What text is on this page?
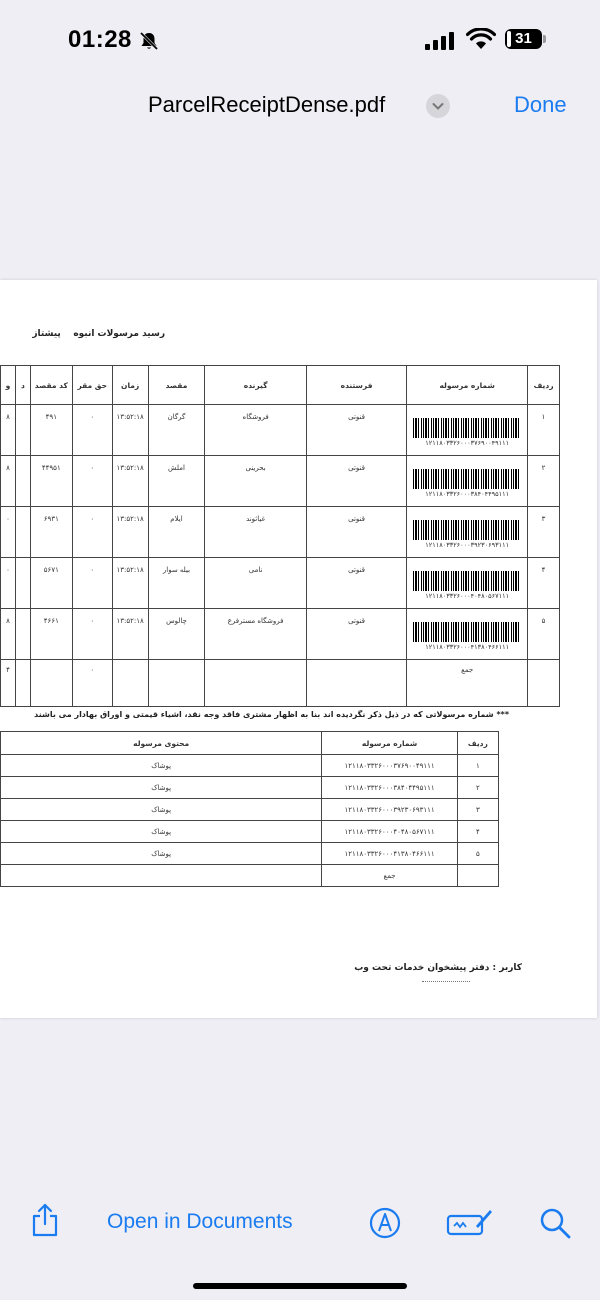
01:28	31
ParcelReceiptDense.pdf	Done
رسید مرسولات انبوه    پیشتاز
ردیف	شماره مرسوله	فرستنده	گیرنده	مقصد	زمان	حق مقر	کد مقصد	د	و
۱	۱۲۱۱۸۰۳۳۲۶۰۰۰۳۷۶۹۰۰۴۹۱۱۱	قنوتی	فروشگاه	گرگان	۱۳:۵۲:۱۸	۰	۴۹۱		۸
۲	۱۲۱۱۸۰۳۳۲۶۰۰۰۳۸۴۰۴۴۹۵۱۱۱	قنوتی	بحرینی	املش	۱۳:۵۲:۱۸	۰	۴۴۹۵۱		۸
۳	۱۲۱۱۸۰۳۳۲۶۰۰۰۳۹۲۳۰۶۹۳۱۱۱	قنوتی	غیاثوند	ایلام	۱۳:۵۲:۱۸	۰	۶۹۳۱		۰
۴	۱۲۱۱۸۰۳۳۲۶۰۰۰۴۰۴۸۰۵۶۷۱۱۱	قنوتی	نامی	بیله سوار	۱۳:۵۲:۱۸	۰	۵۶۷۱		۰
۵	۱۲۱۱۸۰۳۳۲۶۰۰۰۴۱۳۸۰۴۶۶۱۱۱	قنوتی	فروشگاه مسترفرع	چالوس	۱۳:۵۲:۱۸	۰	۴۶۶۱		۸
	جمع					۰			۴
*** شماره مرسولاتی که در ذیل ذکر نگردیده اند بنا به اظهار مشتری فاقد وجه نقد، اشیاء قیمتی و اوراق بهادار می باشند
ردیف	شماره مرسوله	محتوی مرسوله
۱	۱۲۱۱۸۰۳۳۲۶۰۰۰۳۷۶۹۰۰۴۹۱۱۱	پوشاک
۲	۱۲۱۱۸۰۳۳۲۶۰۰۰۳۸۴۰۴۴۹۵۱۱۱	پوشاک
۳	۱۲۱۱۸۰۳۳۲۶۰۰۰۳۹۲۳۰۶۹۳۱۱۱	پوشاک
۴	۱۲۱۱۸۰۳۳۲۶۰۰۰۴۰۴۸۰۵۶۷۱۱۱	پوشاک
۵	۱۲۱۱۸۰۳۳۲۶۰۰۰۴۱۳۸۰۴۶۶۱۱۱	پوشاک
	جمع	
کاربر : دفتر پیشخوان خدمات تحت وب
Open in Documents
